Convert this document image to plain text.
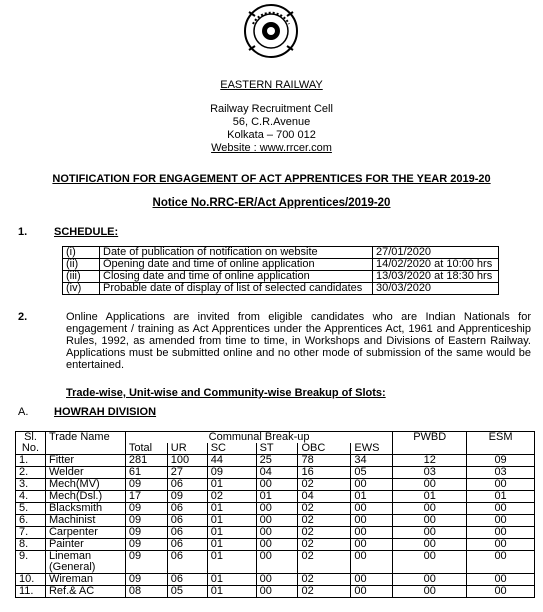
EASTERN RAILWAY
Railway Recruitment Cell
56, C.R.Avenue
Kolkata – 700 012
Website : www.rrcer.com
NOTIFICATION FOR ENGAGEMENT OF ACT APPRENTICES FOR THE YEAR 2019-20
Notice No.RRC-ER/Act Apprentices/2019-20
1. SCHEDULE:
(i)	Date of publication of notification on website	27/01/2020
(ii)	Opening date and time of online application	14/02/2020 at 10:00 hrs
(iii)	Closing date and time of online application	13/03/2020 at 18:30 hrs
(iv)	Probable date of display of list of selected candidates	30/03/2020
2.	Online Applications are invited from eligible candidates who are Indian Nationals for engagement / training as Act Apprentices under the Apprentices Act, 1961 and Apprenticeship Rules, 1992, as amended from time to time, in Workshops and Divisions of Eastern Railway. Applications must be submitted online and no other mode of submission of the same would be entertained.
Trade-wise, Unit-wise and Community-wise Breakup of Slots:
A. HOWRAH DIVISION
Sl.	Trade Name	Communal Break-up						PWBD	ESM
No.		Total	UR	SC	ST	OBC	EWS		
1.	Fitter	281	100	44	25	78	34	12	09
2.	Welder	61	27	09	04	16	05	03	03
3.	Mech(MV)	09	06	01	00	02	00	00	00
4.	Mech(Dsl.)	17	09	02	01	04	01	01	01
5.	Blacksmith	09	06	01	00	02	00	00	00
6.	Machinist	09	06	01	00	02	00	00	00
7.	Carpenter	09	06	01	00	02	00	00	00
8.	Painter	09	06	01	00	02	00	00	00
9.	Lineman
(General)	09	06	01	00	02	00	00	00
10.	Wireman	09	06	01	00	02	00	00	00
11.	Ref.& AC	08	05	01	00	02	00	00	00
